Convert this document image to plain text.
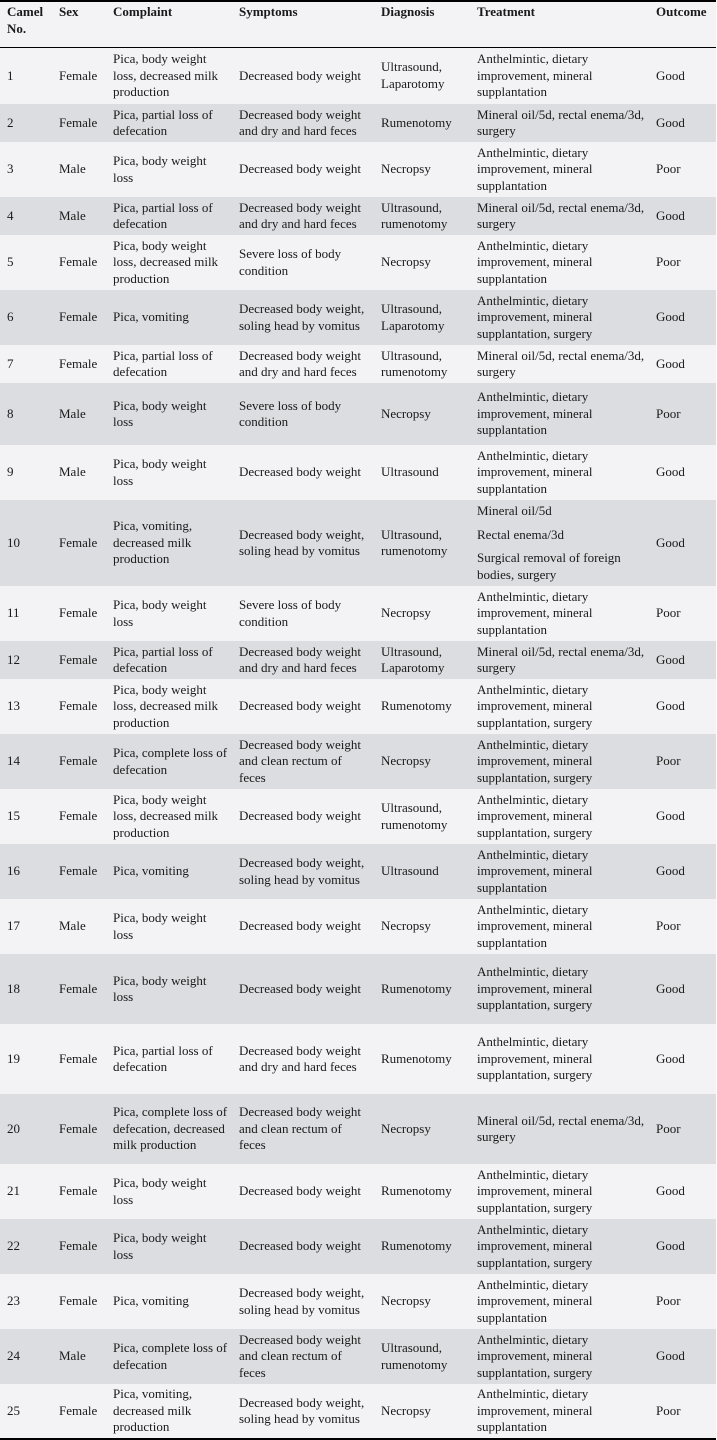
Camel No.	Sex	Complaint	Symptoms	Diagnosis	Treatment	Outcome
1	Female	Pica, body weight loss, decreased milk production	Decreased body weight	Ultrasound, Laparotomy	Anthelmintic, dietary improvement, mineral supplantation	Good
2	Female	Pica, partial loss of defecation	Decreased body weight and dry and hard feces	Rumenotomy	Mineral oil/5d, rectal enema/3d, surgery	Good
3	Male	Pica, body weight loss	Decreased body weight	Necropsy	Anthelmintic, dietary improvement, mineral supplantation	Poor
4	Male	Pica, partial loss of defecation	Decreased body weight and dry and hard feces	Ultrasound, rumenotomy	Mineral oil/5d, rectal enema/3d, surgery	Good
5	Female	Pica, body weight loss, decreased milk production	Severe loss of body condition	Necropsy	Anthelmintic, dietary improvement, mineral supplantation	Poor
6	Female	Pica, vomiting	Decreased body weight, soling head by vomitus	Ultrasound, Laparotomy	Anthelmintic, dietary improvement, mineral supplantation, surgery	Good
7	Female	Pica, partial loss of defecation	Decreased body weight and dry and hard feces	Ultrasound, rumenotomy	Mineral oil/5d, rectal enema/3d, surgery	Good
8	Male	Pica, body weight loss	Severe loss of body condition	Necropsy	Anthelmintic, dietary improvement, mineral supplantation	Poor
9	Male	Pica, body weight loss	Decreased body weight	Ultrasound	Anthelmintic, dietary improvement, mineral supplantation	Good
10	Female	Pica, vomiting, decreased milk production	Decreased body weight, soling head by vomitus	Ultrasound, rumenotomy	Mineral oil/5d
Rectal enema/3d
Surgical removal of foreign bodies, surgery	Good
11	Female	Pica, body weight loss	Severe loss of body condition	Necropsy	Anthelmintic, dietary improvement, mineral supplantation	Poor
12	Female	Pica, partial loss of defecation	Decreased body weight and dry and hard feces	Ultrasound, Laparotomy	Mineral oil/5d, rectal enema/3d, surgery	Good
13	Female	Pica, body weight loss, decreased milk production	Decreased body weight	Rumenotomy	Anthelmintic, dietary improvement, mineral supplantation, surgery	Good
14	Female	Pica, complete loss of defecation	Decreased body weight and clean rectum of feces	Necropsy	Anthelmintic, dietary improvement, mineral supplantation, surgery	Poor
15	Female	Pica, body weight loss, decreased milk production	Decreased body weight	Ultrasound, rumenotomy	Anthelmintic, dietary improvement, mineral supplantation, surgery	Good
16	Female	Pica, vomiting	Decreased body weight, soling head by vomitus	Ultrasound	Anthelmintic, dietary improvement, mineral supplantation	Good
17	Male	Pica, body weight loss	Decreased body weight	Necropsy	Anthelmintic, dietary improvement, mineral supplantation	Poor
18	Female	Pica, body weight loss	Decreased body weight	Rumenotomy	Anthelmintic, dietary improvement, mineral supplantation, surgery	Good
19	Female	Pica, partial loss of defecation	Decreased body weight and dry and hard feces	Rumenotomy	Anthelmintic, dietary improvement, mineral supplantation, surgery	Good
20	Female	Pica, complete loss of defecation, decreased milk production	Decreased body weight and clean rectum of feces	Necropsy	Mineral oil/5d, rectal enema/3d, surgery	Poor
21	Female	Pica, body weight loss	Decreased body weight	Rumenotomy	Anthelmintic, dietary improvement, mineral supplantation, surgery	Good
22	Female	Pica, body weight loss	Decreased body weight	Rumenotomy	Anthelmintic, dietary improvement, mineral supplantation, surgery	Good
23	Female	Pica, vomiting	Decreased body weight, soling head by vomitus	Necropsy	Anthelmintic, dietary improvement, mineral supplantation	Poor
24	Male	Pica, complete loss of defecation	Decreased body weight and clean rectum of feces	Ultrasound, rumenotomy	Anthelmintic, dietary improvement, mineral supplantation, surgery	Good
25	Female	Pica, vomiting, decreased milk production	Decreased body weight, soling head by vomitus	Necropsy	Anthelmintic, dietary improvement, mineral supplantation	Poor
